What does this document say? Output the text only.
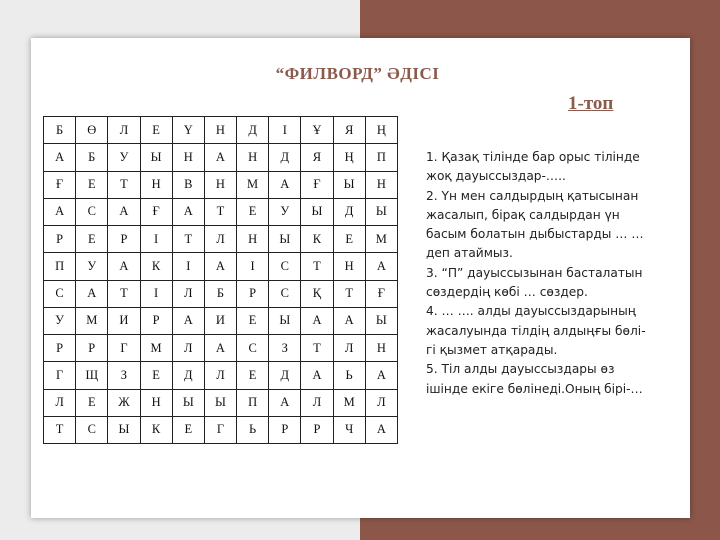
“ФИЛВОРД” ӘДІСІ
1-топ
Б	Ө	Л	Е	Ү	Н	Д	І	Ұ	Я	Ң
А	Б	У	Ы	Н	А	Н	Д	Я	Ң	П
Ғ	Е	Т	Н	В	Н	М	А	Ғ	Ы	Н
А	С	А	Ғ	А	Т	Е	У	Ы	Д	Ы
Р	Е	Р	І	Т	Л	Н	Ы	К	Е	М
П	У	А	К	І	А	І	С	Т	Н	А
С	А	Т	І	Л	Б	Р	С	Қ	Т	Ғ
У	М	И	Р	А	И	Е	Ы	А	А	Ы
Р	Р	Г	М	Л	А	С	З	Т	Л	Н
Г	Щ	З	Е	Д	Л	Е	Д	А	Ь	А
Л	Е	Ж	Н	Ы	Ы	П	А	Л	М	Л
Т	С	Ы	К	Е	Г	Ь	Р	Р	Ч	А

1. Қазақ тілінде бар орыс тілінде
жоқ дауыссыздар-…..

2. Үн мен салдырдың қатысынан
жасалып, бірақ салдырдан үн
басым болатын дыбыстарды … …
деп атаймыз.

3. “П” дауыссызынан басталатын
сөздердің көбі … сөздер.

4. … …. алды дауыссыздарының
жасалуында тілдің алдыңғы бөлі-
гі қызмет атқарады.

5. Тіл алды дауыссыздары өз
ішінде екіге бөлінеді.Оның бірі-…
